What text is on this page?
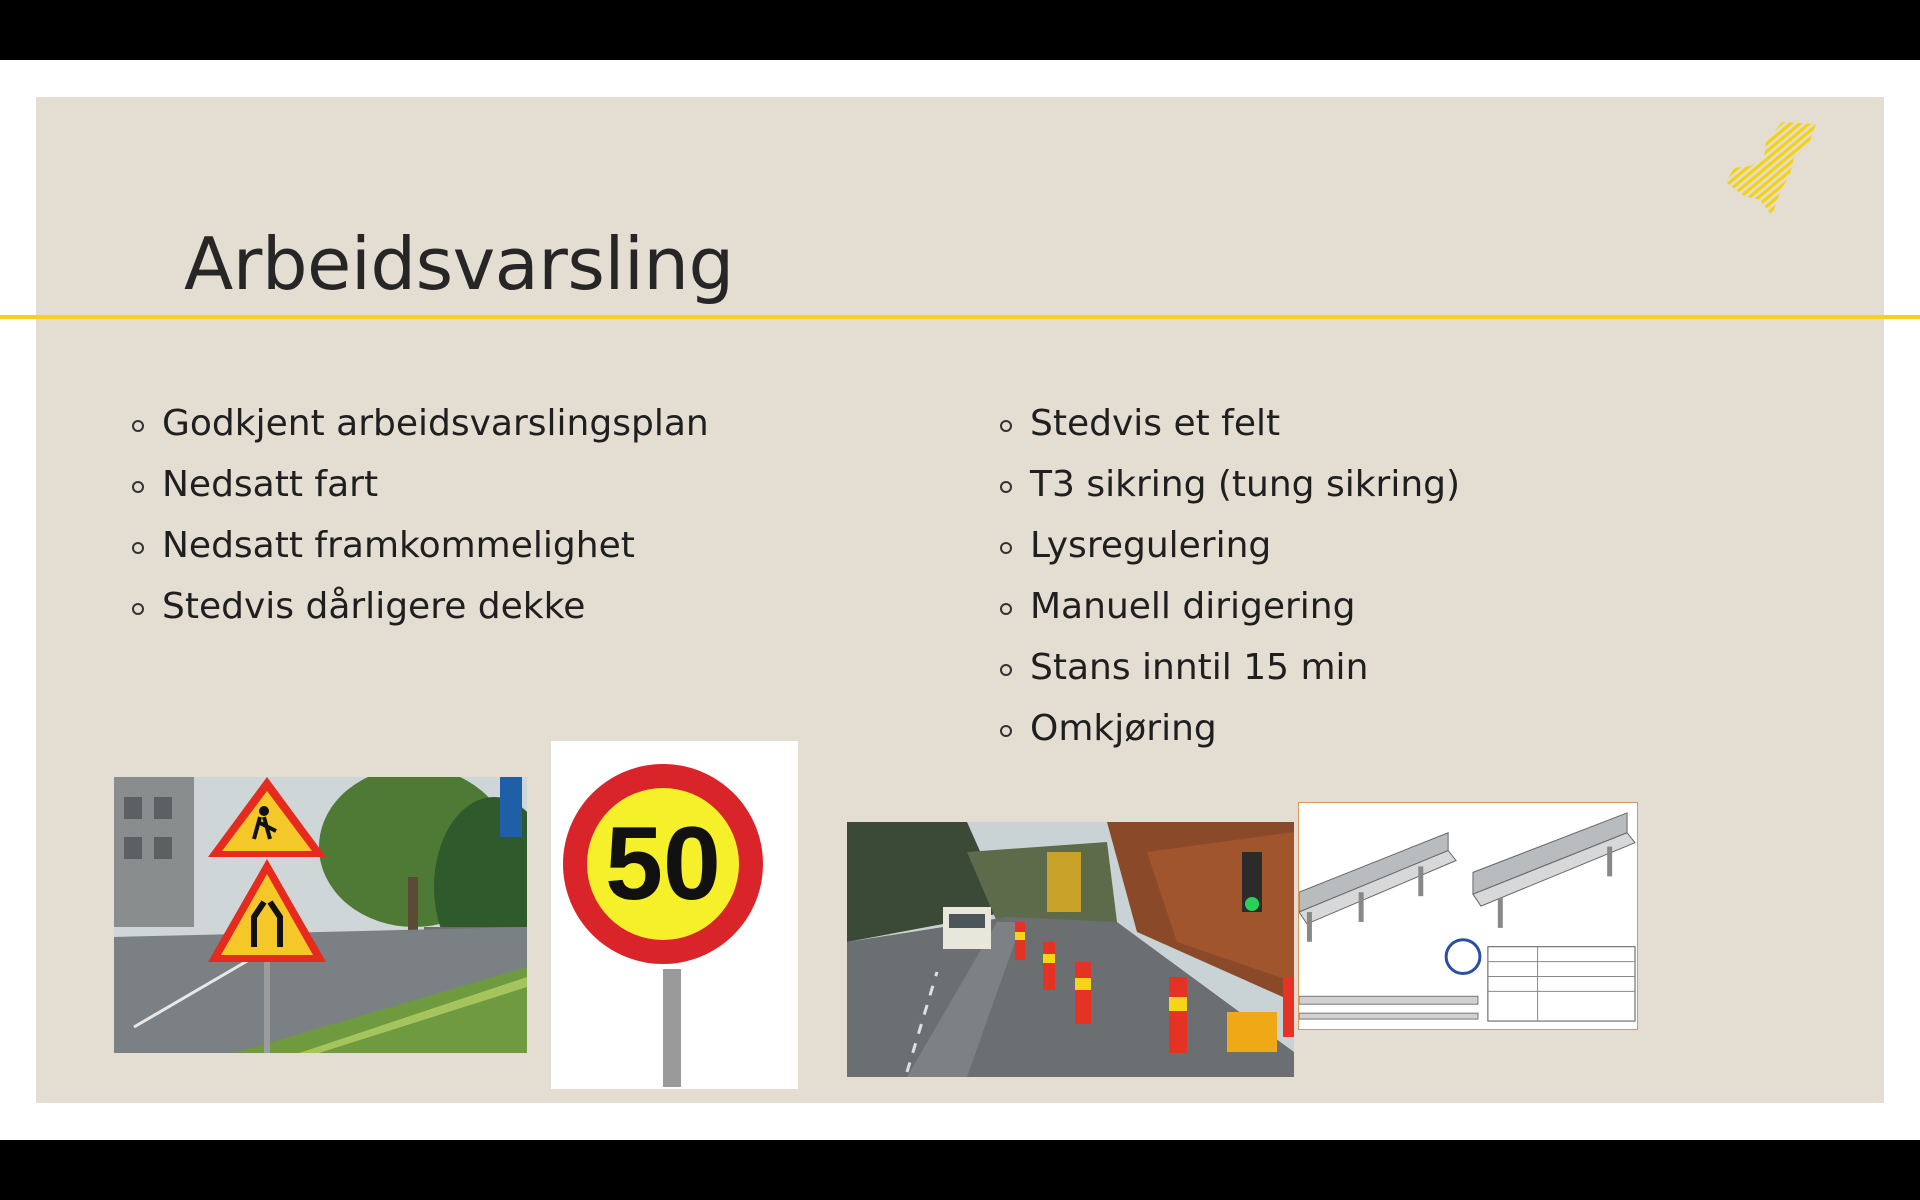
Arbeidsvarsling
Godkjent arbeidsvarslingsplan
Nedsatt fart
Nedsatt framkommelighet
Stedvis dårligere dekke
Stedvis et felt
T3 sikring (tung sikring)
Lysregulering
Manuell dirigering
Stans inntil 15 min
Omkjøring
50
